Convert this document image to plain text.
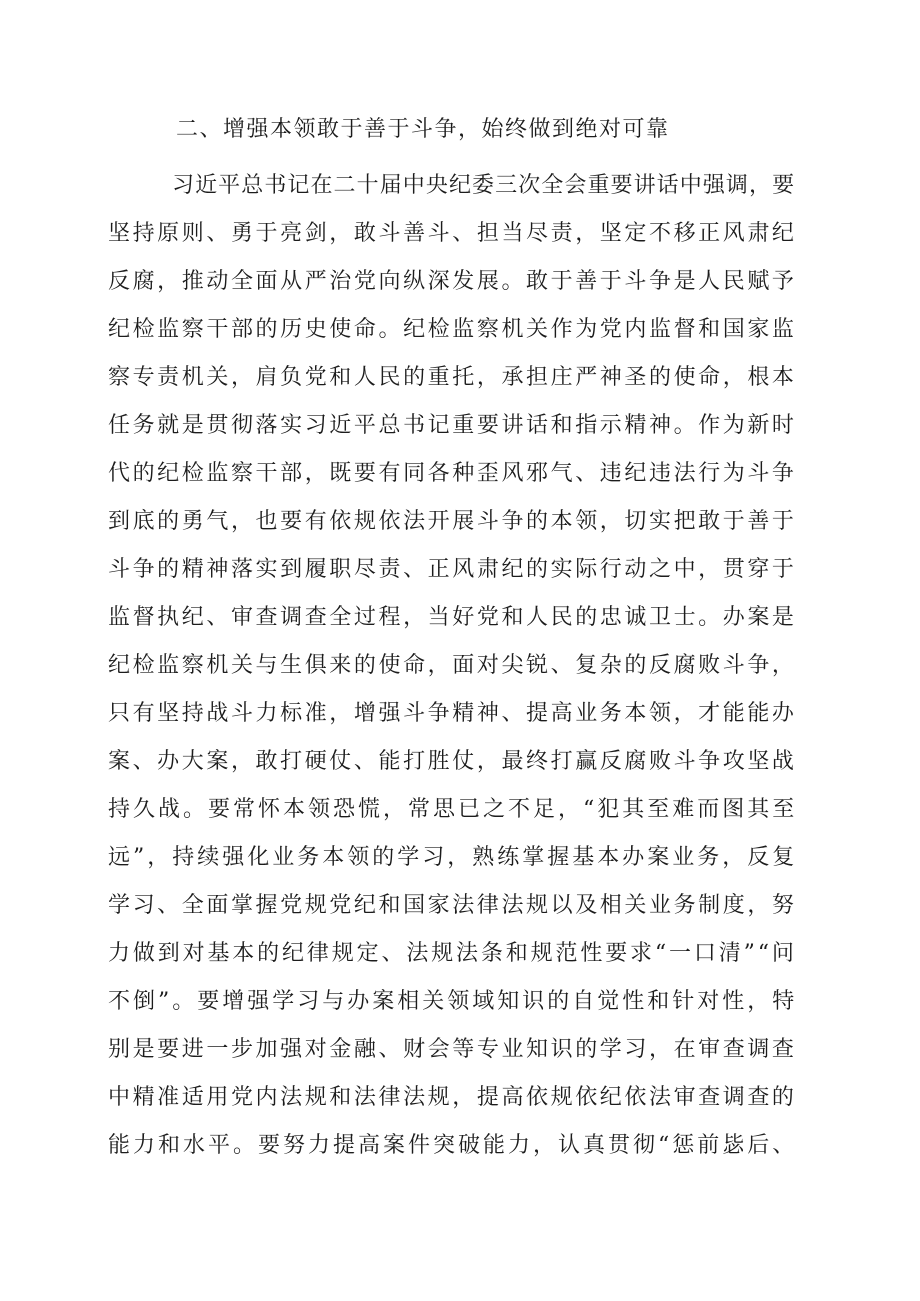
二、增强本领敢于善于斗争，始终做到绝对可靠
习近平总书记在二十届中央纪委三次全会重要讲话中强调，要
坚持原则、勇于亮剑，敢斗善斗、担当尽责，坚定不移正风肃纪
反腐，推动全面从严治党向纵深发展。敢于善于斗争是人民赋予
纪检监察干部的历史使命。纪检监察机关作为党内监督和国家监
察专责机关，肩负党和人民的重托，承担庄严神圣的使命，根本
任务就是贯彻落实习近平总书记重要讲话和指示精神。作为新时
代的纪检监察干部，既要有同各种歪风邪气、违纪违法行为斗争
到底的勇气，也要有依规依法开展斗争的本领，切实把敢于善于
斗争的精神落实到履职尽责、正风肃纪的实际行动之中，贯穿于
监督执纪、审查调查全过程，当好党和人民的忠诚卫士。办案是
纪检监察机关与生俱来的使命，面对尖锐、复杂的反腐败斗争，
只有坚持战斗力标准，增强斗争精神、提高业务本领，才能能办
案、办大案，敢打硬仗、能打胜仗，最终打赢反腐败斗争攻坚战
持久战。要常怀本领恐慌，常思已之不足，“犯其至难而图其至
远”，持续强化业务本领的学习，熟练掌握基本办案业务，反复
学习、全面掌握党规党纪和国家法律法规以及相关业务制度，努
力做到对基本的纪律规定、法规法条和规范性要求“一口清”“问
不倒”。要增强学习与办案相关领域知识的自觉性和针对性，特
别是要进一步加强对金融、财会等专业知识的学习，在审查调查
中精准适用党内法规和法律法规，提高依规依纪依法审查调查的
能力和水平。要努力提高案件突破能力，认真贯彻“惩前毖后、
